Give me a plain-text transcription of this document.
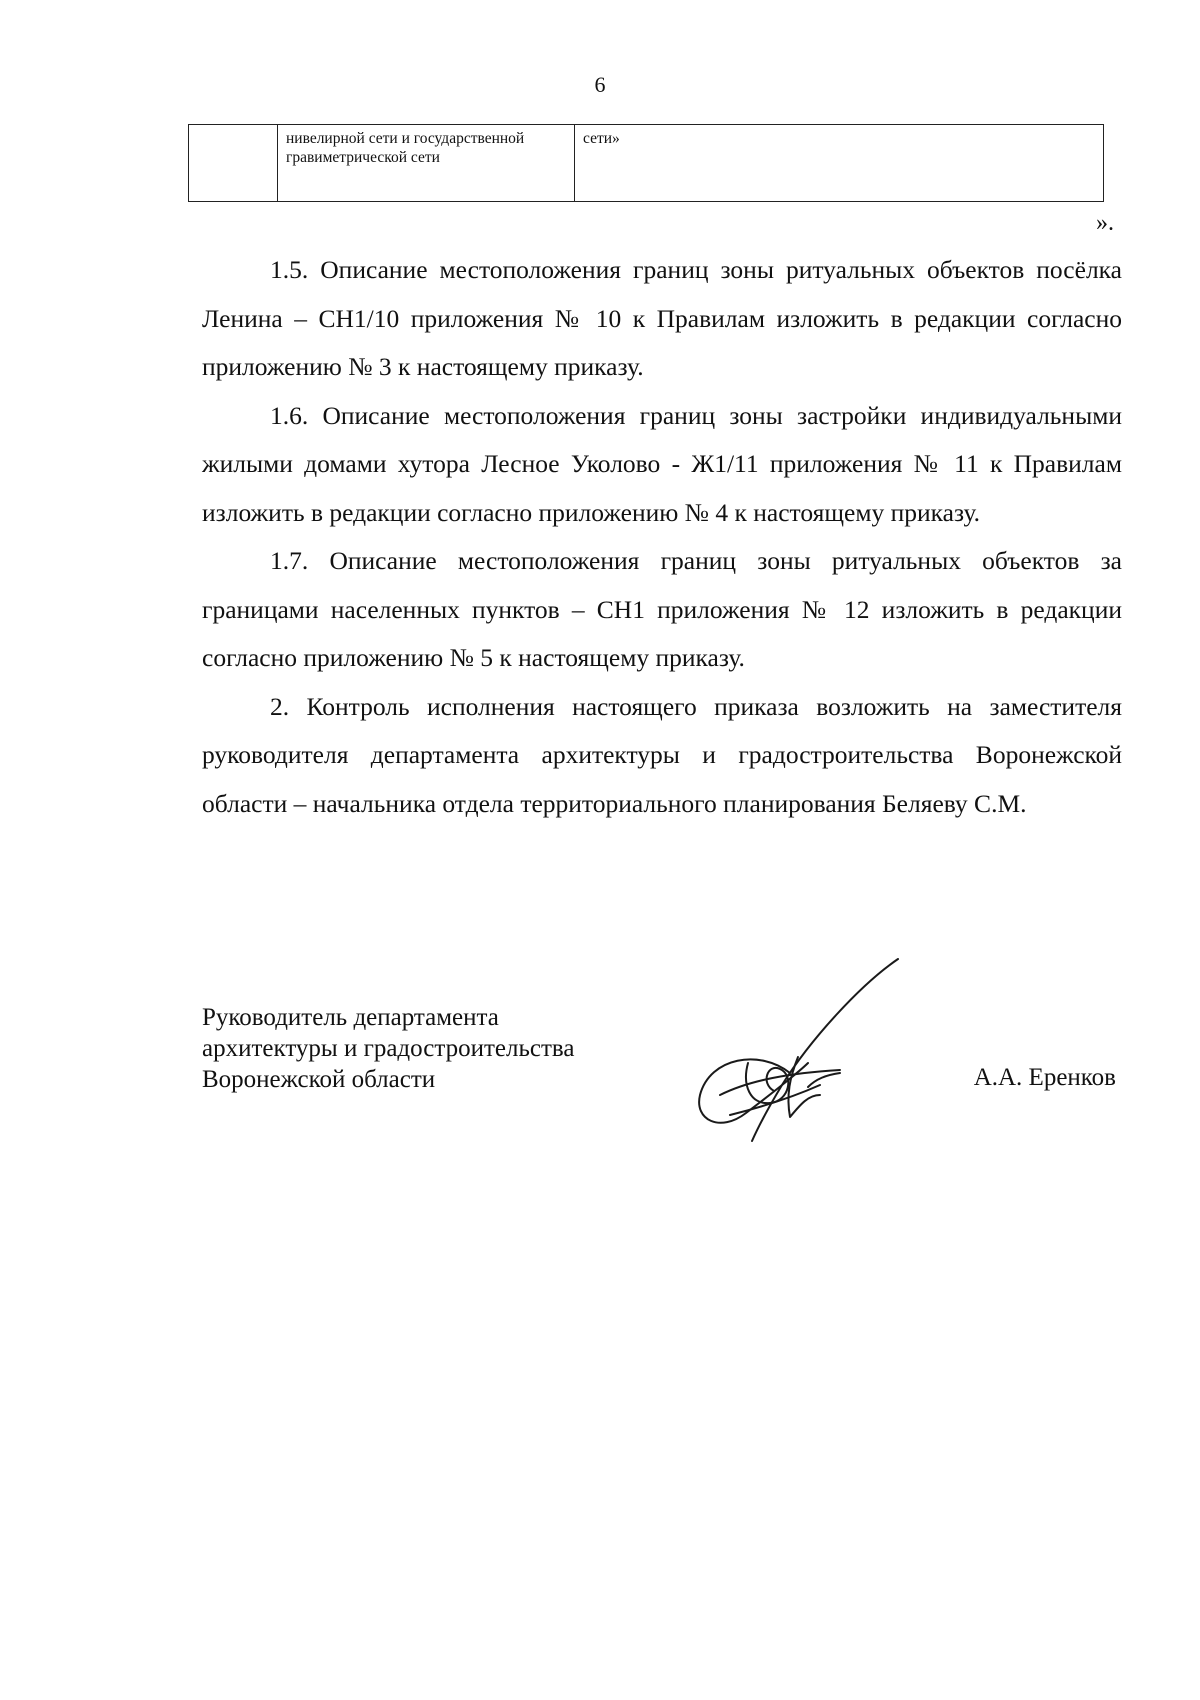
6
	нивелирной сети и государственной гравиметрической сети	сети»
».

1.5. Описание местоположения границ зоны ритуальных объектов посёлка Ленина – СН1/10 приложения № 10 к Правилам изложить в редакции согласно приложению № 3 к настоящему приказу.

1.6. Описание местоположения границ зоны застройки индивидуальными жилыми домами хутора Лесное Уколово - Ж1/11 приложения № 11 к Правилам изложить в редакции согласно приложению № 4 к настоящему приказу.

1.7. Описание местоположения границ зоны ритуальных объектов за границами населенных пунктов – СН1 приложения № 12 изложить в редакции согласно приложению № 5 к настоящему приказу.

2. Контроль исполнения настоящего приказа возложить на заместителя руководителя департамента архитектуры и градостроительства Воронежской области – начальника отдела территориального планирования Беляеву С.М.

Руководитель департамента
архитектуры и градостроительства
Воронежской области	А.А. Еренков
